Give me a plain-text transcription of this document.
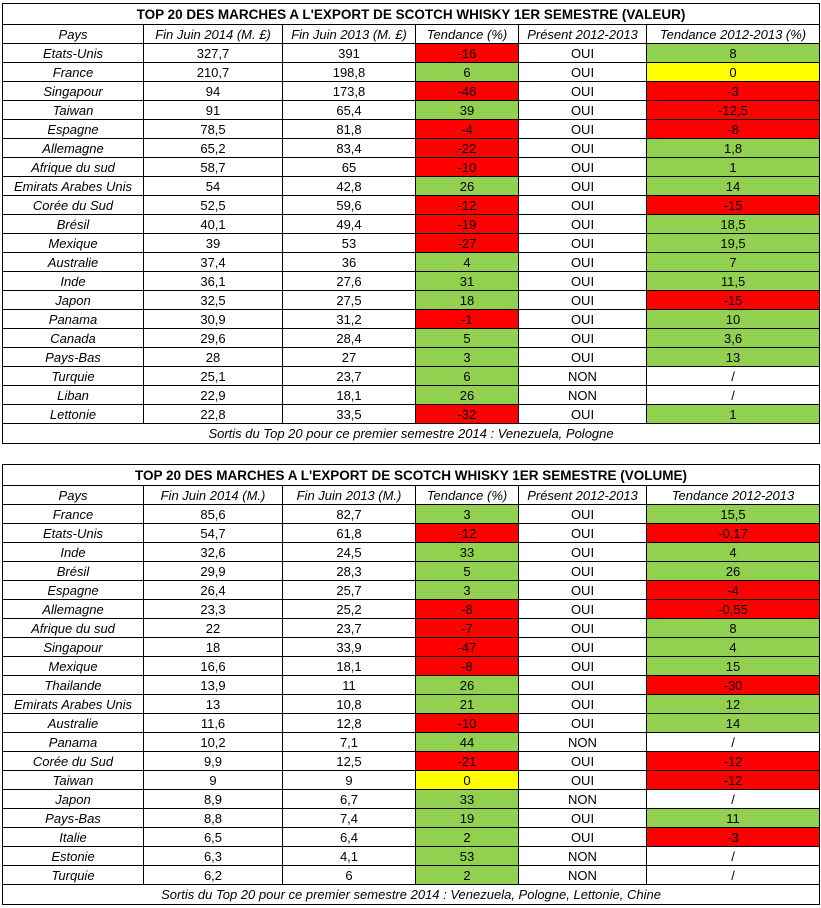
TOP 20 DES MARCHES A L'EXPORT DE SCOTCH WHISKY 1ER SEMESTRE (VALEUR)					
Pays	Fin Juin 2014 (M. £)	Fin Juin 2013 (M. £)	Tendance (%)	Présent 2012-2013	Tendance 2012-2013 (%)
Etats-Unis	327,7	391	-16	OUI	8
France	210,7	198,8	6	OUI	0
Singapour	94	173,8	-46	OUI	-3
Taiwan	91	65,4	39	OUI	-12,5
Espagne	78,5	81,8	-4	OUI	-8
Allemagne	65,2	83,4	-22	OUI	1,8
Afrique du sud	58,7	65	-10	OUI	1
Emirats Arabes Unis	54	42,8	26	OUI	14
Corée du Sud	52,5	59,6	-12	OUI	-15
Brésil	40,1	49,4	-19	OUI	18,5
Mexique	39	53	-27	OUI	19,5
Australie	37,4	36	4	OUI	7
Inde	36,1	27,6	31	OUI	11,5
Japon	32,5	27,5	18	OUI	-15
Panama	30,9	31,2	-1	OUI	10
Canada	29,6	28,4	5	OUI	3,6
Pays-Bas	28	27	3	OUI	13
Turquie	25,1	23,7	6	NON	/
Liban	22,9	18,1	26	NON	/
Lettonie	22,8	33,5	-32	OUI	1
Sortis du Top 20 pour ce premier semestre 2014 : Venezuela, Pologne					
TOP 20 DES MARCHES A L'EXPORT DE SCOTCH WHISKY 1ER SEMESTRE (VOLUME)					
Pays	Fin Juin 2014 (M.)	Fin Juin 2013 (M.)	Tendance (%)	Présent 2012-2013	Tendance 2012-2013
France	85,6	82,7	3	OUI	15,5
Etats-Unis	54,7	61,8	-12	OUI	-0,17
Inde	32,6	24,5	33	OUI	4
Brésil	29,9	28,3	5	OUI	26
Espagne	26,4	25,7	3	OUI	-4
Allemagne	23,3	25,2	-8	OUI	-0,55
Afrique du sud	22	23,7	-7	OUI	8
Singapour	18	33,9	-47	OUI	4
Mexique	16,6	18,1	-8	OUI	15
Thailande	13,9	11	26	OUI	-30
Emirats Arabes Unis	13	10,8	21	OUI	12
Australie	11,6	12,8	-10	OUI	14
Panama	10,2	7,1	44	NON	/
Corée du Sud	9,9	12,5	-21	OUI	-12
Taiwan	9	9	0	OUI	-12
Japon	8,9	6,7	33	NON	/
Pays-Bas	8,8	7,4	19	OUI	11
Italie	6,5	6,4	2	OUI	-3
Estonie	6,3	4,1	53	NON	/
Turquie	6,2	6	2	NON	/
Sortis du Top 20 pour ce premier semestre 2014 : Venezuela, Pologne, Lettonie, Chine					
